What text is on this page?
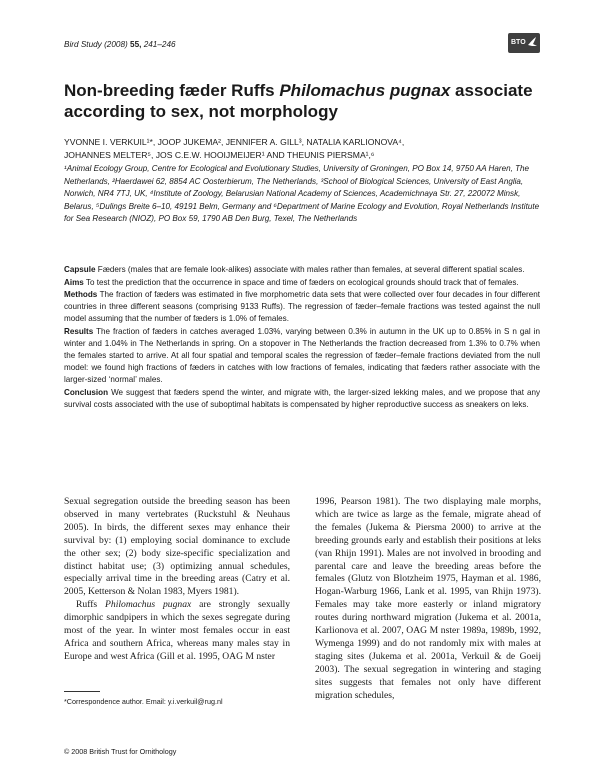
Bird Study (2008) 55, 241–246	BTO
Non-breeding fæder Ruffs Philomachus pugnax associate according to sex, not morphology
YVONNE I. VERKUIL¹*, JOOP JUKEMA², JENNIFER A. GILL³, NATALIA KARLIONOVA⁴,
JOHANNES MELTER⁵, JOS C.E.W. HOOIJMEIJER¹ AND THEUNIS PIERSMA¹,⁶
¹Animal Ecology Group, Centre for Ecological and Evolutionary Studies, University of Groningen, PO Box 14, 9750 AA Haren, The Netherlands, ²Haerdawei 62, 8854 AC Oosterbierum, The Netherlands, ³School of Biological Sciences, University of East Anglia, Norwich, NR4 7TJ, UK, ⁴Institute of Zoology, Belarusian National Academy of Sciences, Academichnaya Str. 27, 220072 Minsk, Belarus, ⁵Dulings Breite 6–10, 49191 Belm, Germany and ⁶Department of Marine Ecology and Evolution, Royal Netherlands Institute for Sea Research (NIOZ), PO Box 59, 1790 AB Den Burg, Texel, The Netherlands
Capsule Fæders (males that are female look-alikes) associate with males rather than females, at several different spatial scales.
Aims To test the prediction that the occurrence in space and time of fæders on ecological grounds should track that of females.
Methods The fraction of fæders was estimated in five morphometric data sets that were collected over four decades in four different countries in three different seasons (comprising 9133 Ruffs). The regression of fæder–female fractions was tested against the null model assuming that the number of fæders is 1.0% of females.
Results The fraction of fæders in catches averaged 1.03%, varying between 0.3% in autumn in the UK up to 0.85% in S n gal in winter and 1.04% in The Netherlands in spring. On a stopover in The Netherlands the fraction decreased from 1.3% to 0.7% when the females started to arrive. At all four spatial and temporal scales the regression of fæder–female fractions deviated from the null model: we found high fractions of fæders in catches with low fractions of females, indicating that fæders rather associate with the larger-sized ‘normal’ males.
Conclusion We suggest that fæders spend the winter, and migrate with, the larger-sized lekking males, and we propose that any survival costs associated with the use of suboptimal habitats is compensated by higher reproductive success as sneakers on leks.

Sexual segregation outside the breeding season has been observed in many vertebrates (Ruckstuhl & Neuhaus 2005). In birds, the different sexes may enhance their survival by: (1) employing social dominance to exclude the other sex; (2) body size-specific specialization and distinct habitat use; (3) optimizing annual schedules, especially arrival time in the breeding areas (Catry et al. 2005, Ketterson & Nolan 1983, Myers 1981).

Ruffs Philomachus pugnax are strongly sexually dimorphic sandpipers in which the sexes segregate during most of the year. In winter most females occur in east Africa and southern Africa, whereas many males stay in Europe and west Africa (Gill et al. 1995, OAG M nster

1996, Pearson 1981). The two displaying male morphs, which are twice as large as the female, migrate ahead of the females (Jukema & Piersma 2000) to arrive at the breeding grounds early and establish their positions at leks (van Rhijn 1991). Males are not involved in brooding and parental care and leave the breeding areas before the females (Glutz von Blotzheim 1975, Hayman et al. 1986, Hogan-Warburg 1966, Lank et al. 1995, van Rhijn 1973). Females may take more easterly or inland migratory routes during northward migration (Jukema et al. 2001a, Karlionova et al. 2007, OAG M nster 1989a, 1989b, 1992, Wymenga 1999) and do not randomly mix with males at staging sites (Jukema et al. 2001a, Verkuil & de Goeij 2003). The sexual segregation in wintering and staging sites suggests that females not only have different migration schedules,

*Correspondence author. Email: y.i.verkuil@rug.nl
© 2008 British Trust for Ornithology
